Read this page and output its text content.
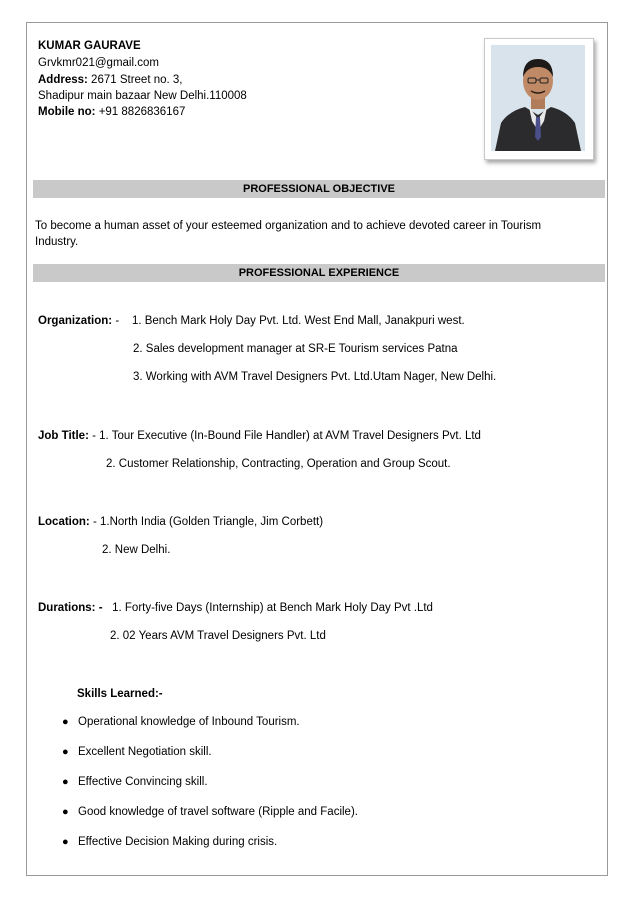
KUMAR GAURAVE
Grvkmr021@gmail.com
Address: 2671 Street no. 3,
Shadipur main bazaar New Delhi.110008
Mobile no: +91 8826836167
PROFESSIONAL OBJECTIVE
To become a human asset of your esteemed organization and to achieve devoted career in Tourism
Industry.
PROFESSIONAL EXPERIENCE
Organization: -    1. Bench Mark Holy Day Pvt. Ltd. West End Mall, Janakpuri west.
2. Sales development manager at SR-E Tourism services Patna
3. Working with AVM Travel Designers Pvt. Ltd.Utam Nager, New Delhi.
Job Title: - 1. Tour Executive (In-Bound File Handler) at AVM Travel Designers Pvt. Ltd
2. Customer Relationship, Contracting, Operation and Group Scout.
Location: - 1.North India (Golden Triangle, Jim Corbett)
2. New Delhi.
Durations: - 1. Forty-five Days (Internship) at Bench Mark Holy Day Pvt .Ltd
2. 02 Years AVM Travel Designers Pvt. Ltd
Skills Learned:-
● Operational knowledge of Inbound Tourism.
● Excellent Negotiation skill.
● Effective Convincing skill.
● Good knowledge of travel software (Ripple and Facile).
● Effective Decision Making during crisis.
